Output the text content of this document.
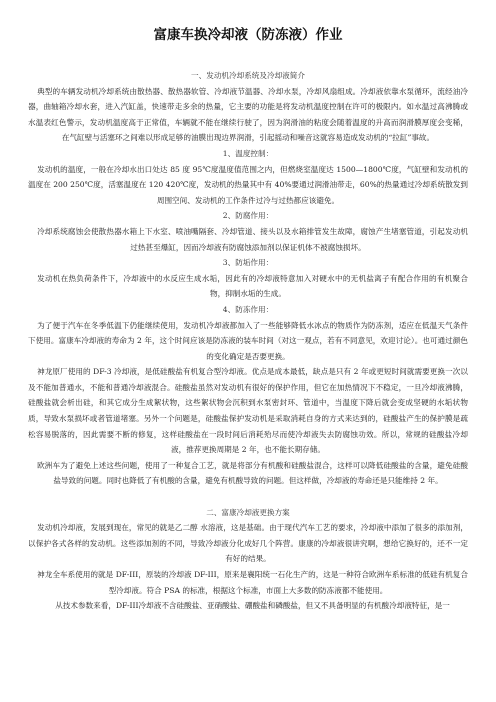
富康车换冷却液（防冻液）作业

一、发动机冷却系统及冷却液简介

典型的车辆发动机冷却系统由散热器、散热器软管、冷却液节温器、冷却水泵，冷却风扇组成。冷却液依靠水泵循环，流经油冷器，曲轴箱冷却水套，进入汽缸盖，快速带走多余的热量，它主要的功能是将发动机温度控制在许可的极限内。如水温过高沸腾或水温表红色警示，发动机温度高于正常值，车辆就不能在继续行驶了，因为润滑油的粘度会随着温度的升高而润滑膜厚度会变稀，在气缸壁与活塞环之间难以形成足够的油膜出现边界润滑，引起摇动和噪音这就容易造成发动机的“拉缸”事故。

1、温度控制：

发动机的温度，一般在冷却水出口处达 85 度 95℃度温度值范围之内，但燃烧室温度达 1500—1800℃度，气缸壁和发动机的温度在 200 250℃度，活塞温度在 120 420℃度，发动机的热量其中有 40%要通过润滑油带走，60%的热量通过冷却系统散发到周围空间、发动机的工作条件过冷与过热都应该避免。

2、防腐作用：

冷却系统腐蚀会使散热器水箱上下水室、喷油嘴隔套、冷却管道、接头以及水箱排管发生故障，腐蚀产生堵塞管道，引起发动机过热甚至爆缸，因而冷却液有防腐蚀添加剂以保证机体不被腐蚀损坏。

3、防垢作用：

发动机在热负荷条件下，冷却液中的水反应生成水垢，因此有的冷却液特意加入对硬水中的无机盐离子有配合作用的有机聚合物，抑制水垢的生成。

4、防冻作用：

为了便于汽车在冬季低温下仍能继续使用，发动机冷却液都加入了一些能够降低水冰点的物质作为防冻剂，适应在低温天气条件下使用。富康车冷却液的寿命为 2 年，这个时间应该是防冻液的装车时间（对这一观点，若有不同意见，欢迎讨论）。也可通过颜色的变化确定是否要更换。

神龙原厂使用的 DF-3 冷却液，是低硅酸盐有机复合型冷却液。优点是成本最低，缺点是只有 2 年或更短时间就需要更换一次以及不能加普通水，不能和普通冷却液混合。硅酸盐虽然对发动机有很好的保护作用，但它在加热情况下不稳定，一旦冷却液沸腾，硅酸盐就会析出硅，和其它成分生成絮状物，这些絮状物会沉积到水泵密封环、管道中，当温度下降后就会变成坚硬的水垢状物质，导致水泵损坏或者管道堵塞。另外一个问题是，硅酸盐保护发动机是采取消耗自身的方式来达到的，硅酸盐产生的保护膜是疏松容易脱落的，因此需要不断的修复，这样硅酸盐在一段时间后消耗殆尽而使冷却液失去防腐蚀功效。所以，常规的硅酸盐冷却液，推荐更换周期是 2 年，也不能长期存储。

欧洲车为了避免上述这些问题，使用了一种复合工艺，就是将部分有机酸和硅酸盐混合，这样可以降低硅酸盐的含量，避免硅酸盐导致的问题。同时也降低了有机酸的含量，避免有机酸导致的问题。但这样做，冷却液的寿命还是只能维持 2 年。

二、富康冷却液更换方案

发动机冷却液，发展到现在，常见的就是乙二醇 水溶液，这是基础。由于现代汽车工艺的要求，冷却液中添加了很多的添加剂，以保护各式各样的发动机。这些添加剂的不同，导致冷却液分化成好几个阵营。康康的冷却液很讲究啊，想给它换好的，还不一定有好的结果。

神龙全车系使用的就是 DF-III，原装的冷却液 DF-III，原来是襄阳统一石化生产的，这是一种符合欧洲车系标准的低硅有机复合型冷却液。符合 PSA 的标准，根据这个标准，市面上大多数的防冻液都不能使用。

从技术参数来看，DF-III冷却液不含硅酸盐、亚硝酸盐、硼酸盐和磷酸盐，但又不具备明显的有机酸冷却液特征，是一
